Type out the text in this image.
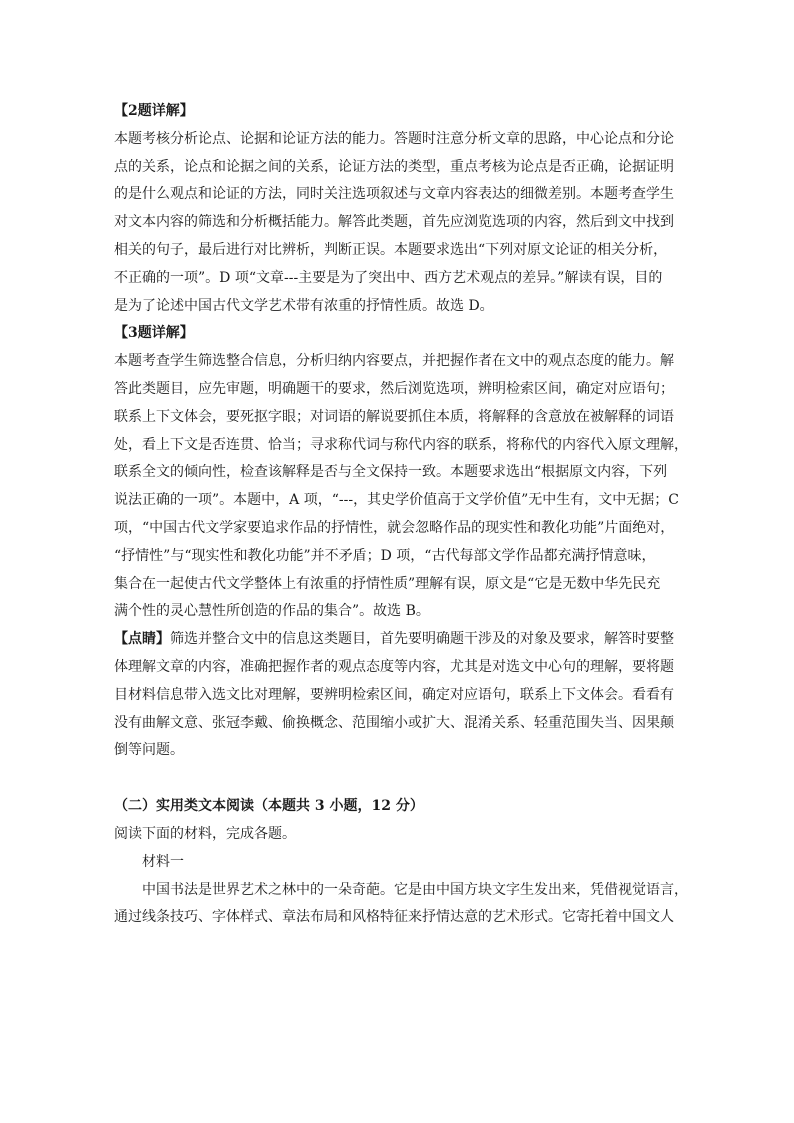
【2题详解】
本题考核分析论点、论据和论证方法的能力。答题时注意分析文章的思路，中心论点和分论
点的关系，论点和论据之间的关系，论证方法的类型，重点考核为论点是否正确，论据证明
的是什么观点和论证的方法，同时关注选项叙述与文章内容表达的细微差别。本题考查学生
对文本内容的筛选和分析概括能力。解答此类题，首先应浏览选项的内容，然后到文中找到
相关的句子，最后进行对比辨析，判断正误。本题要求选出“下列对原文论证的相关分析，
不正确的一项”。D 项“文章---主要是为了突出中、西方艺术观点的差异。”解读有误，目的
是为了论述中国古代文学艺术带有浓重的抒情性质。故选 D。
【3题详解】
本题考查学生筛选整合信息，分析归纳内容要点，并把握作者在文中的观点态度的能力。解
答此类题目，应先审题，明确题干的要求，然后浏览选项，辨明检索区间，确定对应语句；
联系上下文体会，要死抠字眼；对词语的解说要抓住本质，将解释的含意放在被解释的词语
处，看上下文是否连贯、恰当；寻求称代词与称代内容的联系，将称代的内容代入原文理解，
联系全文的倾向性，检查该解释是否与全文保持一致。本题要求选出“根据原文内容，下列
说法正确的一项”。本题中，A 项，“---，其史学价值高于文学价值”无中生有，文中无据；C
项，“中国古代文学家要追求作品的抒情性，就会忽略作品的现实性和教化功能”片面绝对，
“抒情性”与“现实性和教化功能”并不矛盾；D 项，“古代每部文学作品都充满抒情意味，
集合在一起使古代文学整体上有浓重的抒情性质”理解有误，原文是“它是无数中华先民充
满个性的灵心慧性所创造的作品的集合”。故选 B。
【点睛】筛选并整合文中的信息这类题目，首先要明确题干涉及的对象及要求，解答时要整
体理解文章的内容，准确把握作者的观点态度等内容，尤其是对选文中心句的理解，要将题
目材料信息带入选文比对理解，要辨明检索区间，确定对应语句，联系上下文体会。看看有
没有曲解文意、张冠李戴、偷换概念、范围缩小或扩大、混淆关系、轻重范围失当、因果颠
倒等问题。
（二）实用类文本阅读（本题共 3 小题，12 分）
阅读下面的材料，完成各题。
材料一
中国书法是世界艺术之林中的一朵奇葩。它是由中国方块文字生发出来，凭借视觉语言，
通过线条技巧、字体样式、章法布局和风格特征来抒情达意的艺术形式。它寄托着中国文人
